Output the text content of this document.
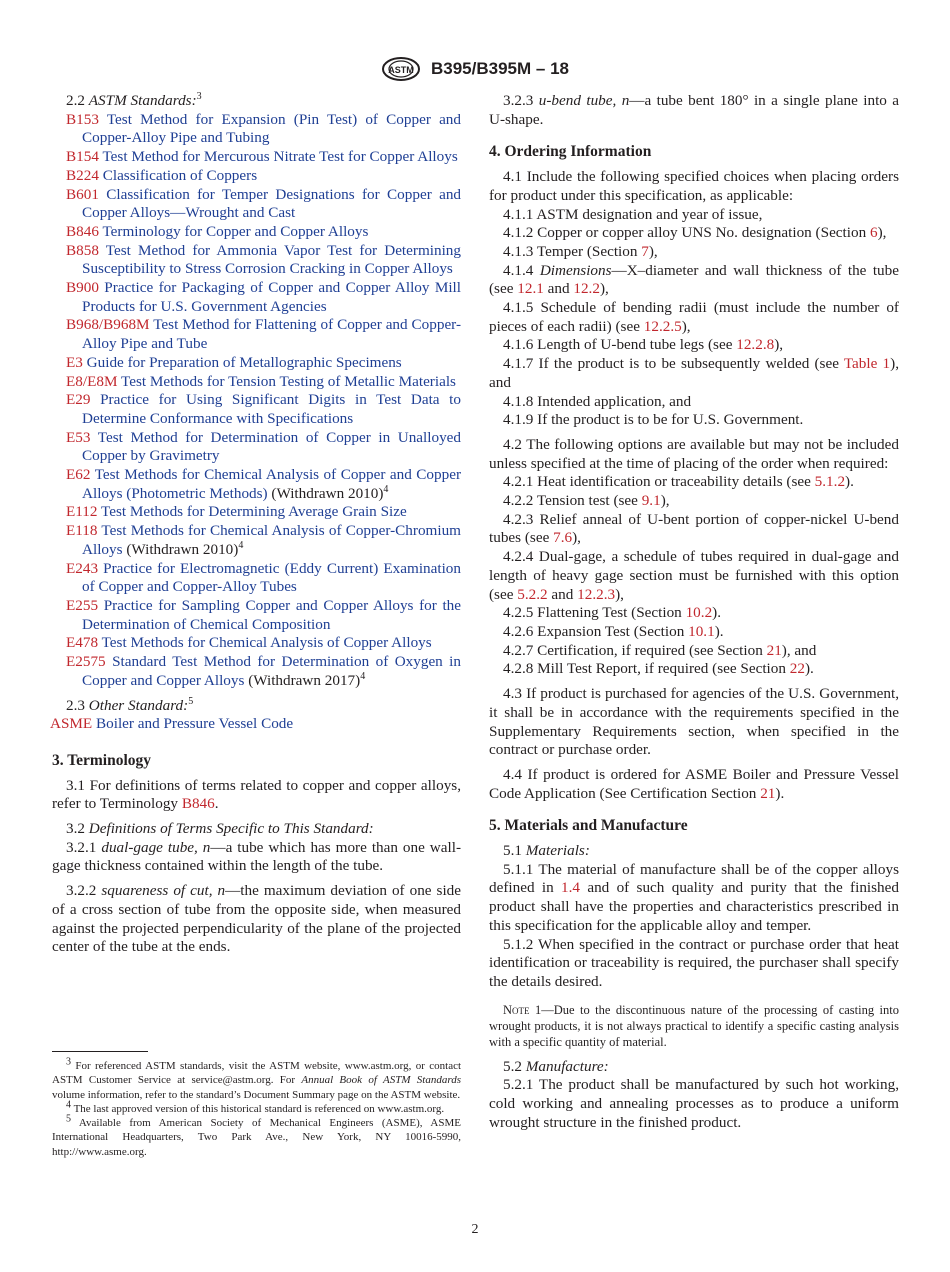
ASTM B395/B395M – 18

2.2 ASTM Standards:$^3$

B153 Test Method for Expansion (Pin Test) of Copper and Copper-Alloy Pipe and Tubing

B154 Test Method for Mercurous Nitrate Test for Copper Alloys

B224 Classification of Coppers

B601 Classification for Temper Designations for Copper and Copper Alloys—Wrought and Cast

B846 Terminology for Copper and Copper Alloys

B858 Test Method for Ammonia Vapor Test for Determining Susceptibility to Stress Corrosion Cracking in Copper Alloys

B900 Practice for Packaging of Copper and Copper Alloy Mill Products for U.S. Government Agencies

B968/B968M Test Method for Flattening of Copper and Copper-Alloy Pipe and Tube

E3 Guide for Preparation of Metallographic Specimens

E8/E8M Test Methods for Tension Testing of Metallic Materials

E29 Practice for Using Significant Digits in Test Data to Determine Conformance with Specifications

E53 Test Method for Determination of Copper in Unalloyed Copper by Gravimetry

E62 Test Methods for Chemical Analysis of Copper and Copper Alloys (Photometric Methods) (Withdrawn 2010)$^4$

E112 Test Methods for Determining Average Grain Size

E118 Test Methods for Chemical Analysis of Copper-Chromium Alloys (Withdrawn 2010)$^4$

E243 Practice for Electromagnetic (Eddy Current) Examination of Copper and Copper-Alloy Tubes

E255 Practice for Sampling Copper and Copper Alloys for the Determination of Chemical Composition

E478 Test Methods for Chemical Analysis of Copper Alloys

E2575 Standard Test Method for Determination of Oxygen in Copper and Copper Alloys (Withdrawn 2017)$^4$

2.3 Other Standard:$^5$

ASME Boiler and Pressure Vessel Code

3. Terminology

3.1 For definitions of terms related to copper and copper alloys, refer to Terminology B846.

3.2 Definitions of Terms Specific to This Standard:

3.2.1 dual-gage tube, n—a tube which has more than one wall-gage thickness contained within the length of the tube.

3.2.2 squareness of cut, n—the maximum deviation of one side of a cross section of tube from the opposite side, when measured against the projected perpendicularity of the plane of the projected center of the tube at the ends.

$^3$ For referenced ASTM standards, visit the ASTM website, www.astm.org, or contact ASTM Customer Service at service@astm.org. For Annual Book of ASTM Standards volume information, refer to the standard’s Document Summary page on the ASTM website.

$^4$ The last approved version of this historical standard is referenced on www.astm.org.

$^5$ Available from American Society of Mechanical Engineers (ASME), ASME International Headquarters, Two Park Ave., New York, NY 10016-5990, http://www.asme.org.

3.2.3 u-bend tube, n—a tube bent 180° in a single plane into a U-shape.

4. Ordering Information

4.1 Include the following specified choices when placing orders for product under this specification, as applicable:

4.1.1 ASTM designation and year of issue,

4.1.2 Copper or copper alloy UNS No. designation (Section 6),

4.1.3 Temper (Section 7),

4.1.4 Dimensions—X–diameter and wall thickness of the tube (see 12.1 and 12.2),

4.1.5 Schedule of bending radii (must include the number of pieces of each radii) (see 12.2.5),

4.1.6 Length of U-bend tube legs (see 12.2.8),

4.1.7 If the product is to be subsequently welded (see Table 1), and

4.1.8 Intended application, and

4.1.9 If the product is to be for U.S. Government.

4.2 The following options are available but may not be included unless specified at the time of placing of the order when required:

4.2.1 Heat identification or traceability details (see 5.1.2).

4.2.2 Tension test (see 9.1),

4.2.3 Relief anneal of U-bent portion of copper-nickel U-bend tubes (see 7.6),

4.2.4 Dual-gage, a schedule of tubes required in dual-gage and length of heavy gage section must be furnished with this option (see 5.2.2 and 12.2.3),

4.2.5 Flattening Test (Section 10.2).

4.2.6 Expansion Test (Section 10.1).

4.2.7 Certification, if required (see Section 21), and

4.2.8 Mill Test Report, if required (see Section 22).

4.3 If product is purchased for agencies of the U.S. Government, it shall be in accordance with the requirements specified in the Supplementary Requirements section, when specified in the contract or purchase order.

4.4 If product is ordered for ASME Boiler and Pressure Vessel Code Application (See Certification Section 21).

5. Materials and Manufacture

5.1 Materials:

5.1.1 The material of manufacture shall be of the copper alloys defined in 1.4 and of such quality and purity that the finished product shall have the properties and characteristics prescribed in this specification for the applicable alloy and temper.

5.1.2 When specified in the contract or purchase order that heat identification or traceability is required, the purchaser shall specify the details desired.

Note 1—Due to the discontinuous nature of the processing of casting into wrought products, it is not always practical to identify a specific casting analysis with a specific quantity of material.

5.2 Manufacture:

5.2.1 The product shall be manufactured by such hot working, cold working and annealing processes as to produce a uniform wrought structure in the finished product.

2
